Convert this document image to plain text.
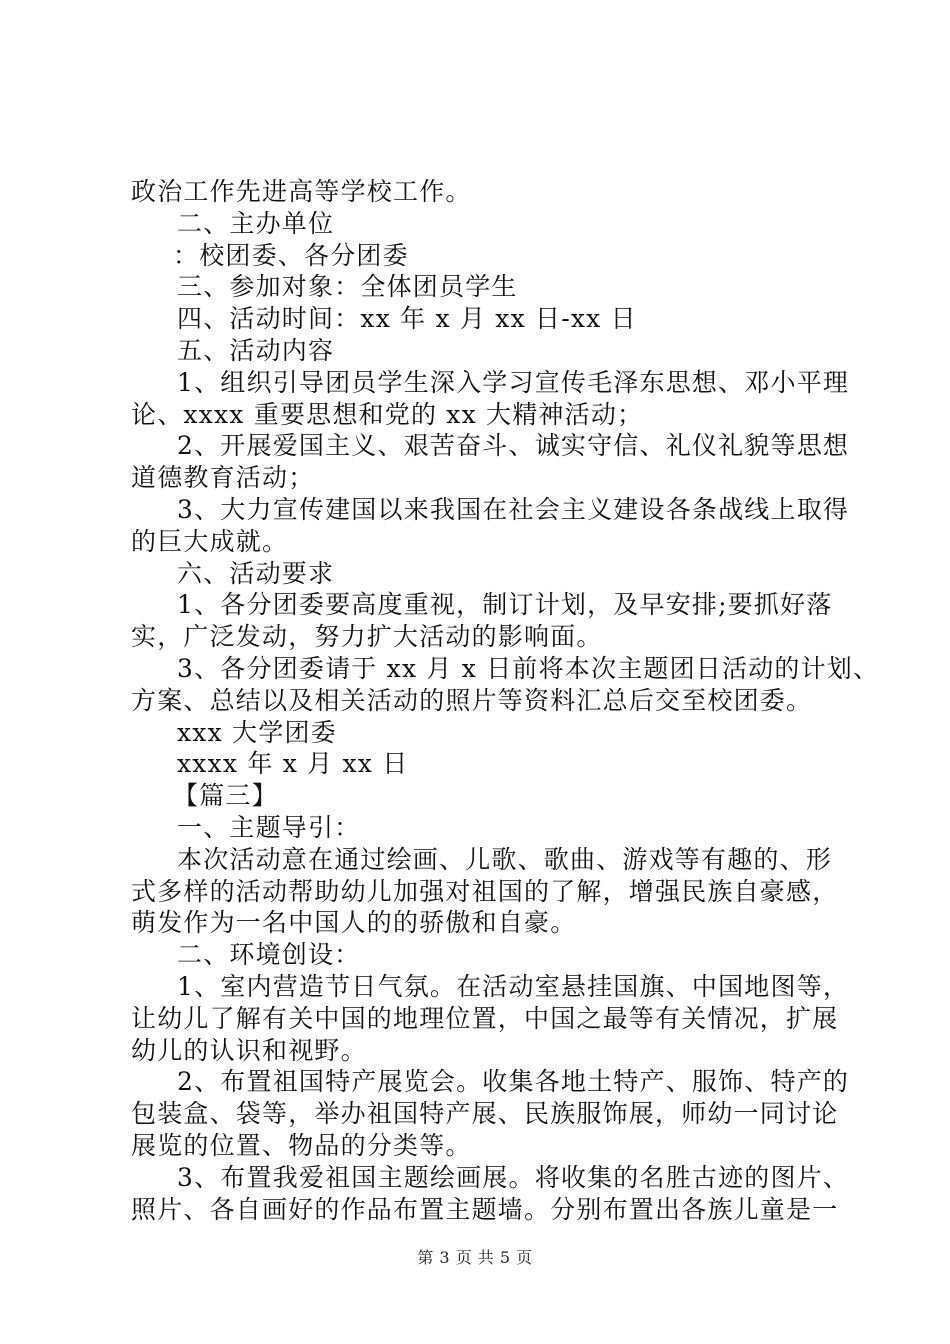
政治工作先进高等学校工作。
二、主办单位
：校团委、各分团委
三、参加对象：全体团员学生
四、活动时间：xx 年 x 月 xx 日-xx 日
五、活动内容
1、组织引导团员学生深入学习宣传毛泽东思想、邓小平理
论、xxxx 重要思想和党的 xx 大精神活动；
2、开展爱国主义、艰苦奋斗、诚实守信、礼仪礼貌等思想
道德教育活动；
3、大力宣传建国以来我国在社会主义建设各条战线上取得
的巨大成就。
六、活动要求
1、各分团委要高度重视，制订计划，及早安排;要抓好落
实，广泛发动，努力扩大活动的影响面。
3、各分团委请于 xx 月 x 日前将本次主题团日活动的计划、
方案、总结以及相关活动的照片等资料汇总后交至校团委。
xxx 大学团委
xxxx 年 x 月 xx 日
【篇三】
一、主题导引：
本次活动意在通过绘画、儿歌、歌曲、游戏等有趣的、形
式多样的活动帮助幼儿加强对祖国的了解，增强民族自豪感，
萌发作为一名中国人的的骄傲和自豪。
二、环境创设：
1、室内营造节日气氛。在活动室悬挂国旗、中国地图等，
让幼儿了解有关中国的地理位置，中国之最等有关情况，扩展
幼儿的认识和视野。
2、布置祖国特产展览会。收集各地土特产、服饰、特产的
包装盒、袋等，举办祖国特产展、民族服饰展，师幼一同讨论
展览的位置、物品的分类等。
3、布置我爱祖国主题绘画展。将收集的名胜古迹的图片、
照片、各自画好的作品布置主题墙。分别布置出各族儿童是一
第 3 页 共 5 页
